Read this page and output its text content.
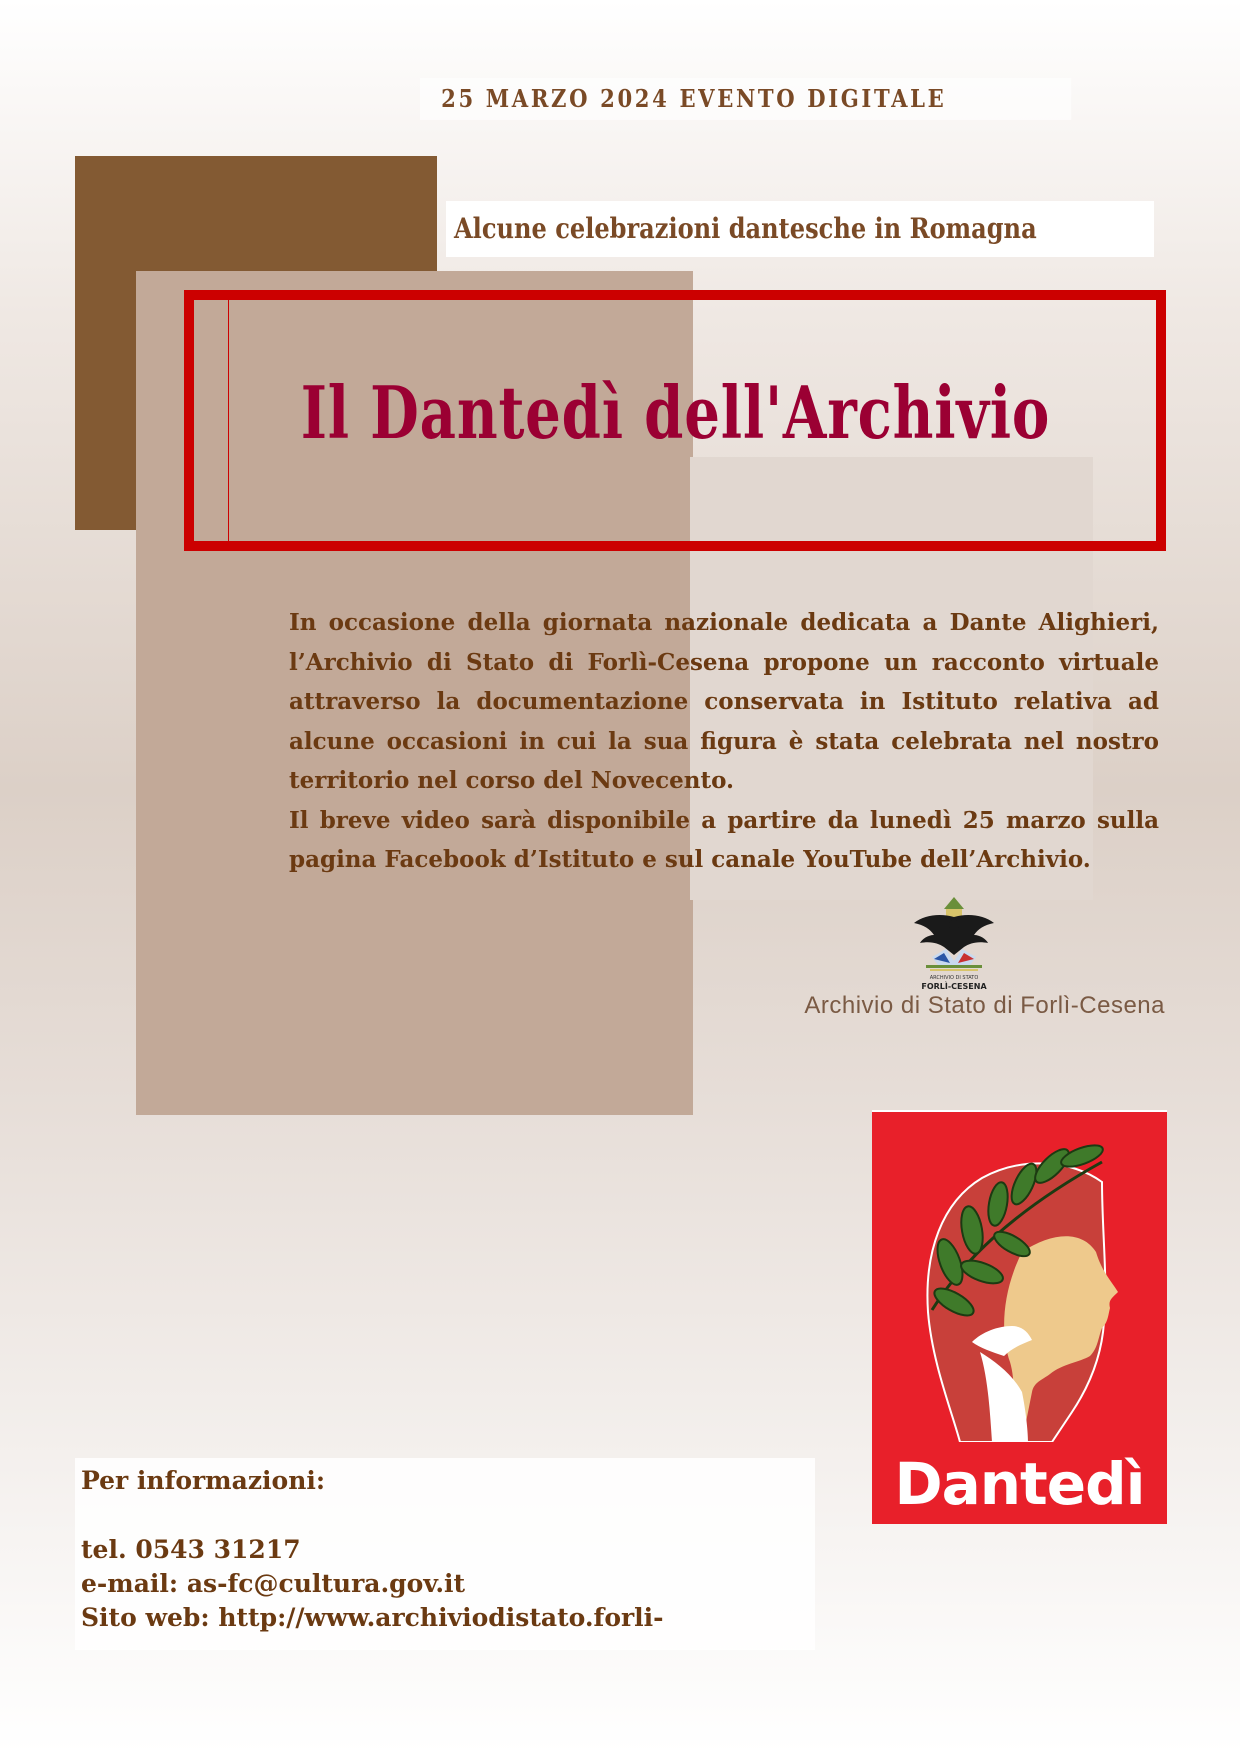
25 MARZO 2024 EVENTO DIGITALE
Alcune celebrazioni dantesche in Romagna
Il Dantedì dell'Archivio

In occasione della giornata nazionale dedicata a Dante Alighieri, l’Archivio di Stato di Forlì-Cesena propone un racconto virtuale attraverso la documentazione conservata in Istituto relativa ad alcune occasioni in cui la sua figura è stata celebrata nel nostro territorio nel corso del Novecento.

Il breve video sarà disponibile a partire da lunedì 25 marzo sulla pagina Facebook d’Istituto e sul canale YouTube dell’Archivio.

ARCHIVIO DI STATO
FORLÌ-CESENA
Archivio di Stato di Forlì-Cesena
Dantedì
Per informazioni:
tel. 0543 31217
e-mail: as-fc@cultura.gov.it
Sito web: http://www.archiviodistato.forli-
